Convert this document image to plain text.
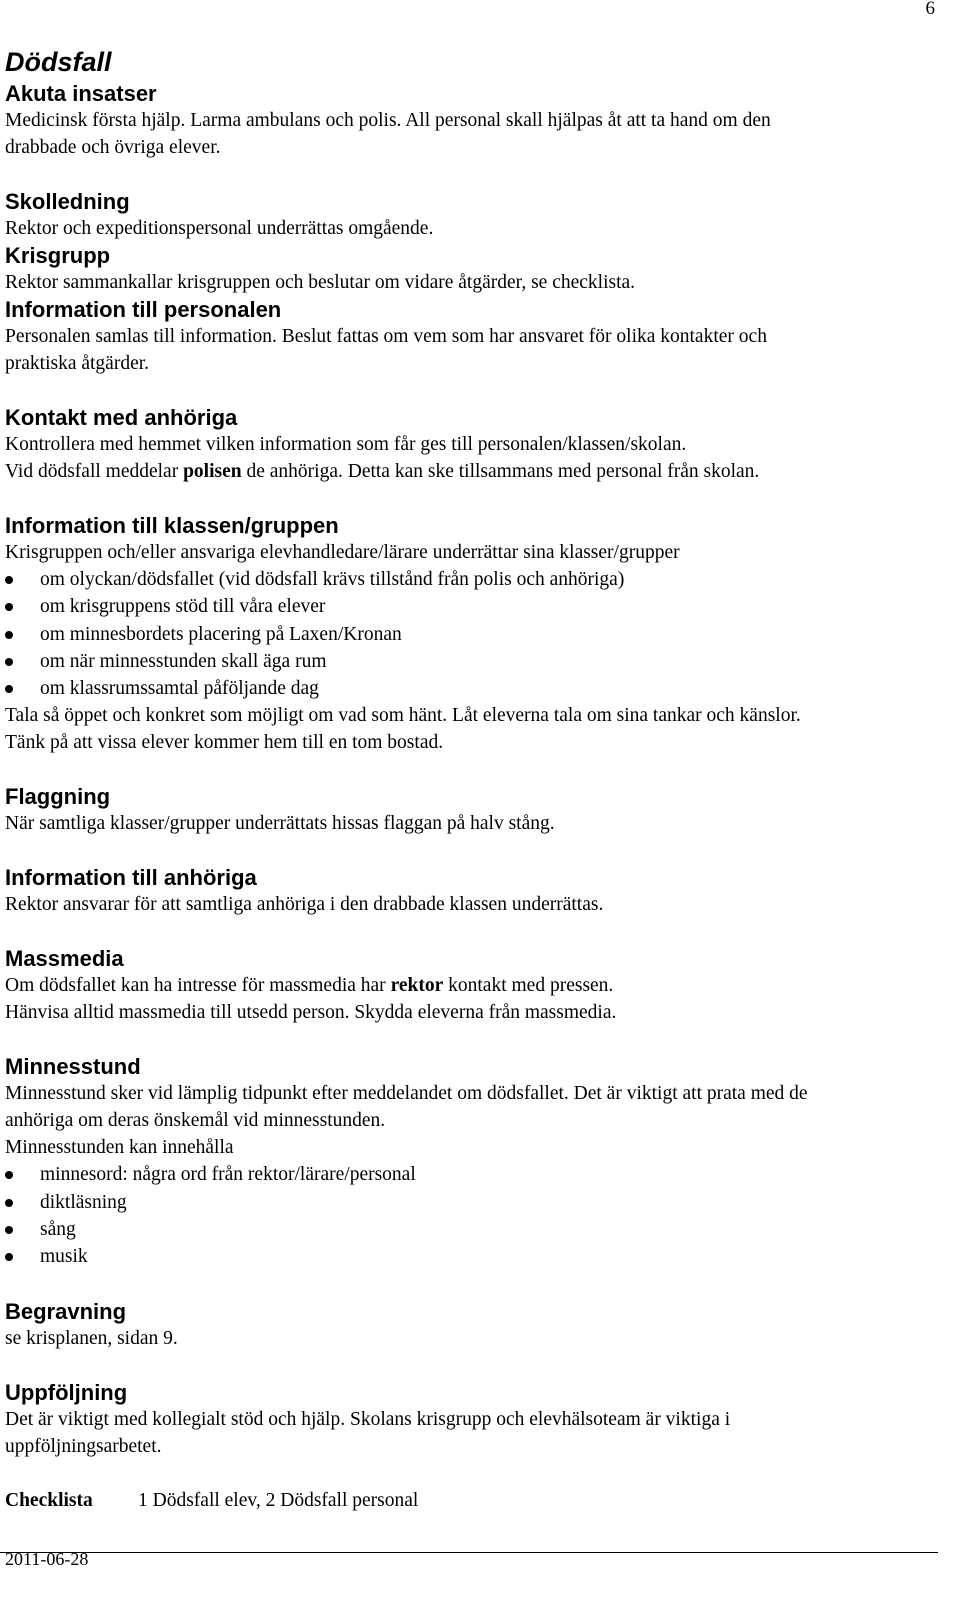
6
Dödsfall
Akuta insatser

Medicinsk första hjälp. Larma ambulans och polis. All personal skall hjälpas åt att ta hand om den

drabbade och övriga elever.

Skolledning

Rektor och expeditionspersonal underrättas omgående.

Krisgrupp

Rektor sammankallar krisgruppen och beslutar om vidare åtgärder, se checklista.

Information till personalen

Personalen samlas till information. Beslut fattas om vem som har ansvaret för olika kontakter och

praktiska åtgärder.

Kontakt med anhöriga

Kontrollera med hemmet vilken information som får ges till personalen/klassen/skolan.

Vid dödsfall meddelar polisen de anhöriga. Detta kan ske tillsammans med personal från skolan.

Information till klassen/gruppen

Krisgruppen och/eller ansvariga elevhandledare/lärare underrättar sina klasser/grupper

om olyckan/dödsfallet (vid dödsfall krävs tillstånd från polis och anhöriga)
om krisgruppens stöd till våra elever
om minnesbordets placering på Laxen/Kronan
om när minnesstunden skall äga rum
om klassrumssamtal påföljande dag

Tala så öppet och konkret som möjligt om vad som hänt. Låt eleverna tala om sina tankar och känslor.

Tänk på att vissa elever kommer hem till en tom bostad.

Flaggning

När samtliga klasser/grupper underrättats hissas flaggan på halv stång.

Information till anhöriga

Rektor ansvarar för att samtliga anhöriga i den drabbade klassen underrättas.

Massmedia

Om dödsfallet kan ha intresse för massmedia har rektor kontakt med pressen.

Hänvisa alltid massmedia till utsedd person. Skydda eleverna från massmedia.

Minnesstund

Minnesstund sker vid lämplig tidpunkt efter meddelandet om dödsfallet. Det är viktigt att prata med de

anhöriga om deras önskemål vid minnesstunden.

Minnesstunden kan innehålla

minnesord: några ord från rektor/lärare/personal
diktläsning
sång
musik
Begravning

se krisplanen, sidan 9.

Uppföljning

Det är viktigt med kollegialt stöd och hjälp. Skolans krisgrupp och elevhälsoteam är viktiga i

uppföljningsarbetet.

Checklista 1 Dödsfall elev, 2 Dödsfall personal
2011-06-28
